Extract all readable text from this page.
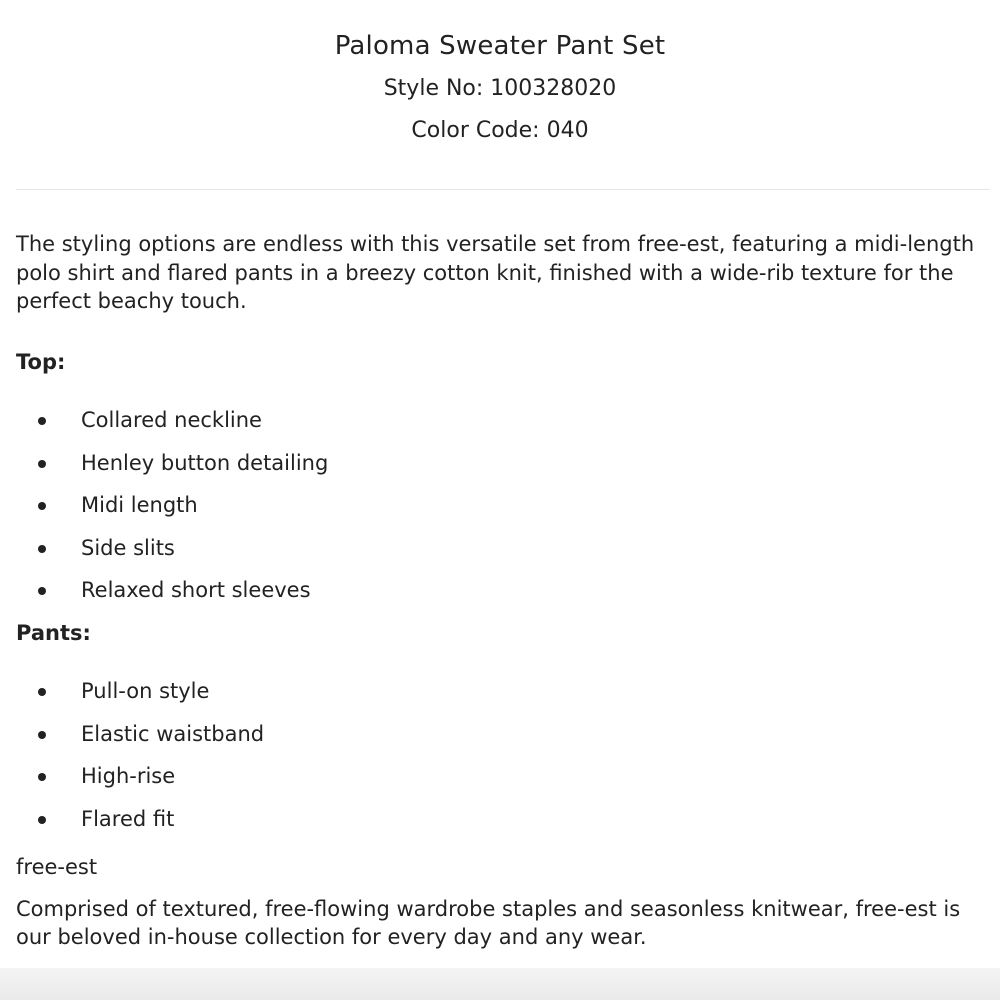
Paloma Sweater Pant Set

Style No: 100328020

Color Code: 040

The styling options are endless with this versatile set from free-est, featuring a midi-length polo shirt and flared pants in a breezy cotton knit, finished with a wide-rib texture for the perfect beachy touch.

Top:

Collared neckline
Henley button detailing
Midi length
Side slits
Relaxed short sleeves

Pants:

Pull-on style
Elastic waistband
High-rise
Flared fit

free-est

Comprised of textured, free-flowing wardrobe staples and seasonless knitwear, free-est is our beloved in-house collection for every day and any wear.
